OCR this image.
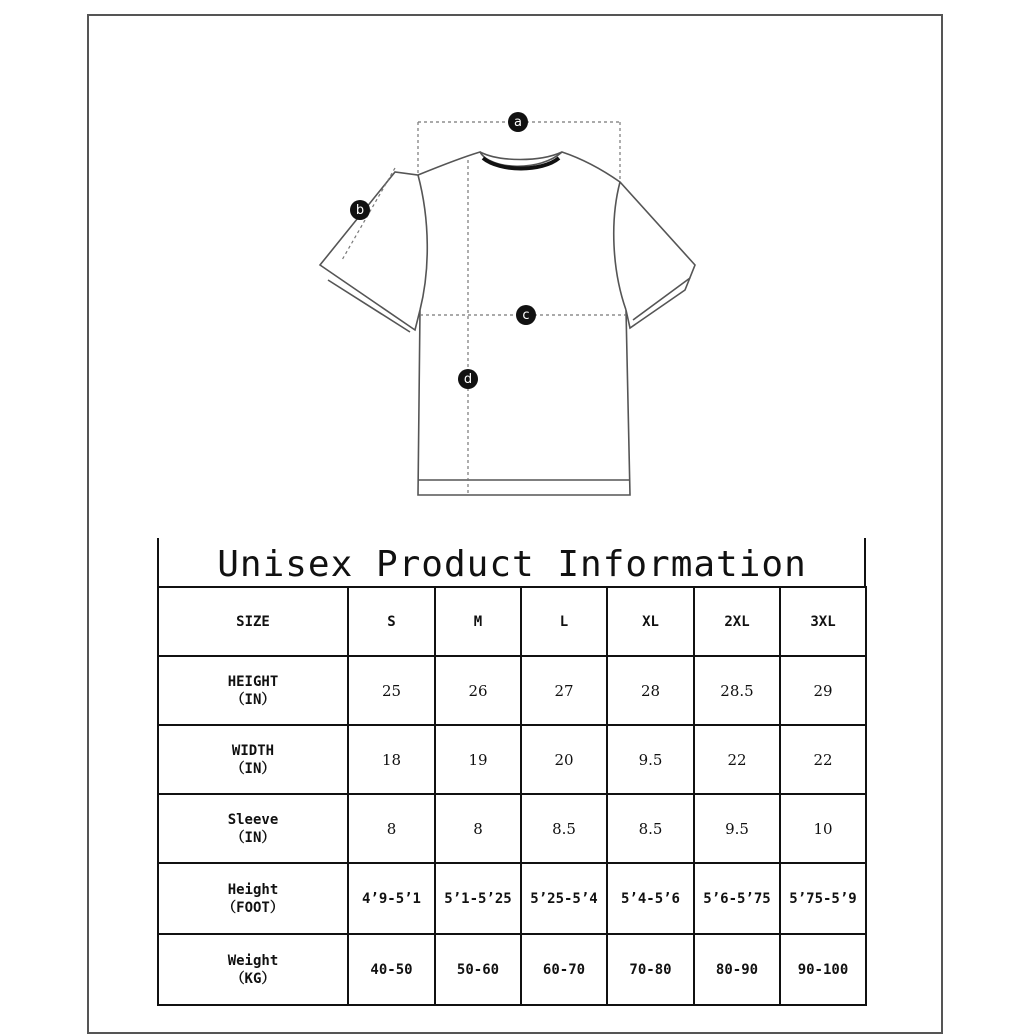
a
b
c
d
Unisex Product Information
SIZE	S	M	L	XL	2XL	3XL
HEIGHT
（IN）	25	26	27	28	28.5	29
WIDTH
（IN）	18	19	20	9.5	22	22
Sleeve
（IN）	8	8	8.5	8.5	9.5	10
Height
（FOOT）	4’9-5’1	5’1-5’25	5’25-5’4	5’4-5’6	5’6-5’75	5’75-5’9
Weight
（KG）	40-50	50-60	60-70	70-80	80-90	90-100
